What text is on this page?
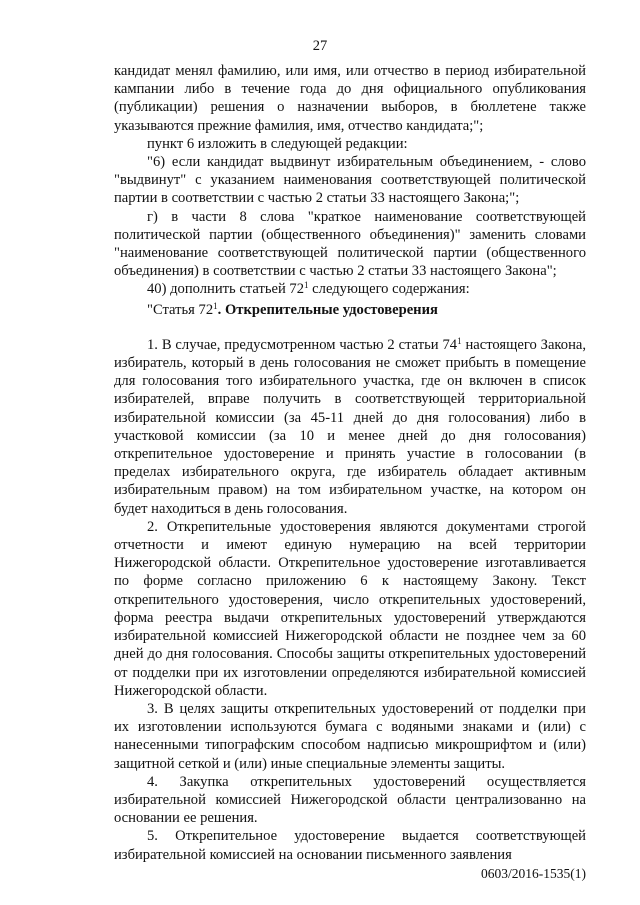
27

кандидат менял фамилию, или имя, или отчество в период избирательной кампании либо в течение года до дня официального опубликования (публикации) решения о назначении выборов, в бюллетене также указываются прежние фамилия, имя, отчество кандидата;";

пункт 6 изложить в следующей редакции:

"6) если кандидат выдвинут избирательным объединением, - слово "выдвинут" с указанием наименования соответствующей политической партии в соответствии с частью 2 статьи 33 настоящего Закона;";

г) в части 8 слова "краткое наименование соответствующей политической партии (общественного объединения)" заменить словами "наименование соответствующей политической партии (общественного объединения) в соответствии с частью 2 статьи 33 настоящего Закона";

40) дополнить статьей $72^1$ следующего содержания:

"Статья $72^1$. Открепительные удостоверения

1. В случае, предусмотренном частью 2 статьи $74^1$ настоящего Закона, избиратель, который в день голосования не сможет прибыть в помещение для голосования того избирательного участка, где он включен в список избирателей, вправе получить в соответствующей территориальной избирательной комиссии (за 45-11 дней до дня голосования) либо в участковой комиссии (за 10 и менее дней до дня голосования) открепительное удостоверение и принять участие в голосовании (в пределах избирательного округа, где избиратель обладает активным избирательным правом) на том избирательном участке, на котором он будет находиться в день голосования.

2. Открепительные удостоверения являются документами строгой отчетности и имеют единую нумерацию на всей территории Нижегородской области. Открепительное удостоверение изготавливается по форме согласно приложению 6 к настоящему Закону. Текст открепительного удостоверения, число открепительных удостоверений, форма реестра выдачи открепительных удостоверений утверждаются избирательной комиссией Нижегородской области не позднее чем за 60 дней до дня голосования. Способы защиты открепительных удостоверений от подделки при их изготовлении определяются избирательной комиссией Нижегородской области.

3. В целях защиты открепительных удостоверений от подделки при их изготовлении используются бумага с водяными знаками и (или) с нанесенными типографским способом надписью микрошрифтом и (или) защитной сеткой и (или) иные специальные элементы защиты.

4. Закупка открепительных удостоверений осуществляется избирательной комиссией Нижегородской области централизованно на основании ее решения.

5. Открепительное удостоверение выдается соответствующей избирательной комиссией на основании письменного заявления

0603/2016-1535(1)
